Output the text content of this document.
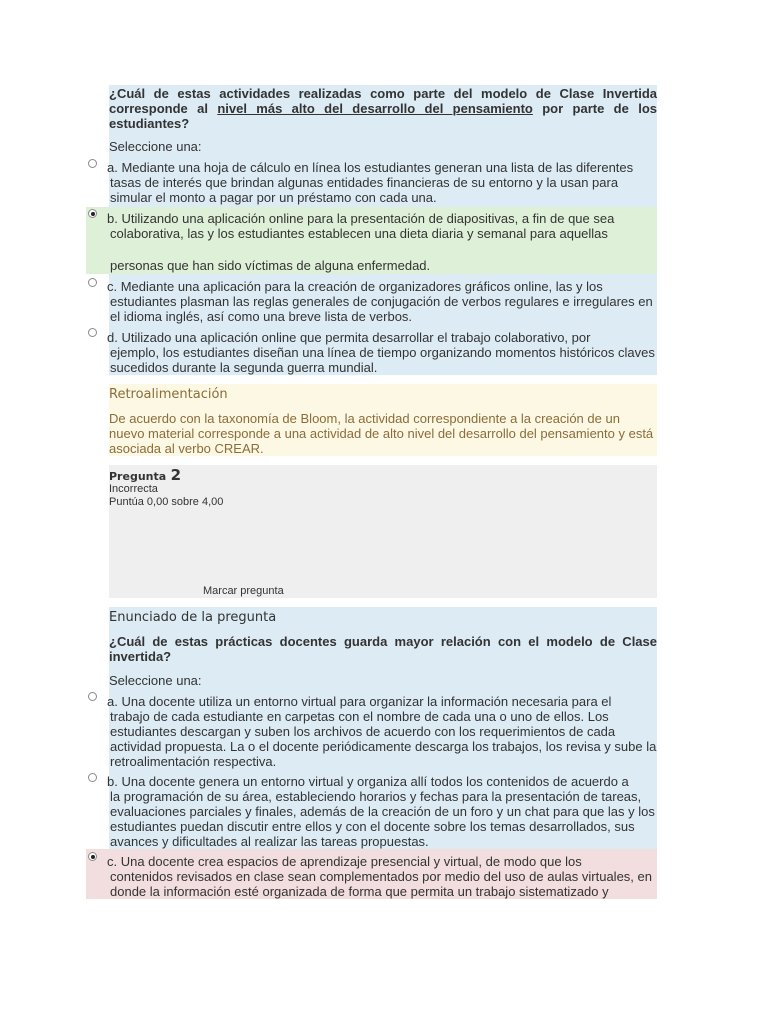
¿Cuál de estas actividades realizadas como parte del modelo de Clase Invertida corresponde al nivel más alto del desarrollo del pensamiento por parte de los estudiantes?
Seleccione una:
a. Mediante una hoja de cálculo en línea los estudiantes generan una lista de las diferentes
tasas de interés que brindan algunas entidades financieras de su entorno y la usan para simular el monto a pagar por un préstamo con cada una.
b. Utilizando una aplicación online para la presentación de diapositivas, a fin de que sea
colaborativa, las y los estudiantes establecen una dieta diaria y semanal para aquellas
personas que han sido víctimas de alguna enfermedad.
c. Mediante una aplicación para la creación de organizadores gráficos online, las y los
estudiantes plasman las reglas generales de conjugación de verbos regulares e irregulares en el idioma inglés, así como una breve lista de verbos.
d. Utilizado una aplicación online que permita desarrollar el trabajo colaborativo, por
ejemplo, los estudiantes diseñan una línea de tiempo organizando momentos históricos claves sucedidos durante la segunda guerra mundial.
Retroalimentación
De acuerdo con la taxonomía de Bloom, la actividad correspondiente a la creación de un nuevo material corresponde a una actividad de alto nivel del desarrollo del pensamiento y está asociada al verbo CREAR.
Pregunta 2
Incorrecta
Puntúa 0,00 sobre 4,00
Marcar pregunta
Enunciado de la pregunta
¿Cuál de estas prácticas docentes guarda mayor relación con el modelo de Clase invertida?
Seleccione una:
a. Una docente utiliza un entorno virtual para organizar la información necesaria para el
trabajo de cada estudiante en carpetas con el nombre de cada una o uno de ellos. Los estudiantes descargan y suben los archivos de acuerdo con los requerimientos de cada actividad propuesta. La o el docente periódicamente descarga los trabajos, los revisa y sube la retroalimentación respectiva.
b. Una docente genera un entorno virtual y organiza allí todos los contenidos de acuerdo a
la programación de su área, estableciendo horarios y fechas para la presentación de tareas, evaluaciones parciales y finales, además de la creación de un foro y un chat para que las y los estudiantes puedan discutir entre ellos y con el docente sobre los temas desarrollados, sus avances y dificultades al realizar las tareas propuestas.
c. Una docente crea espacios de aprendizaje presencial y virtual, de modo que los
contenidos revisados en clase sean complementados por medio del uso de aulas virtuales, en donde la información esté organizada de forma que permita un trabajo sistematizado y
